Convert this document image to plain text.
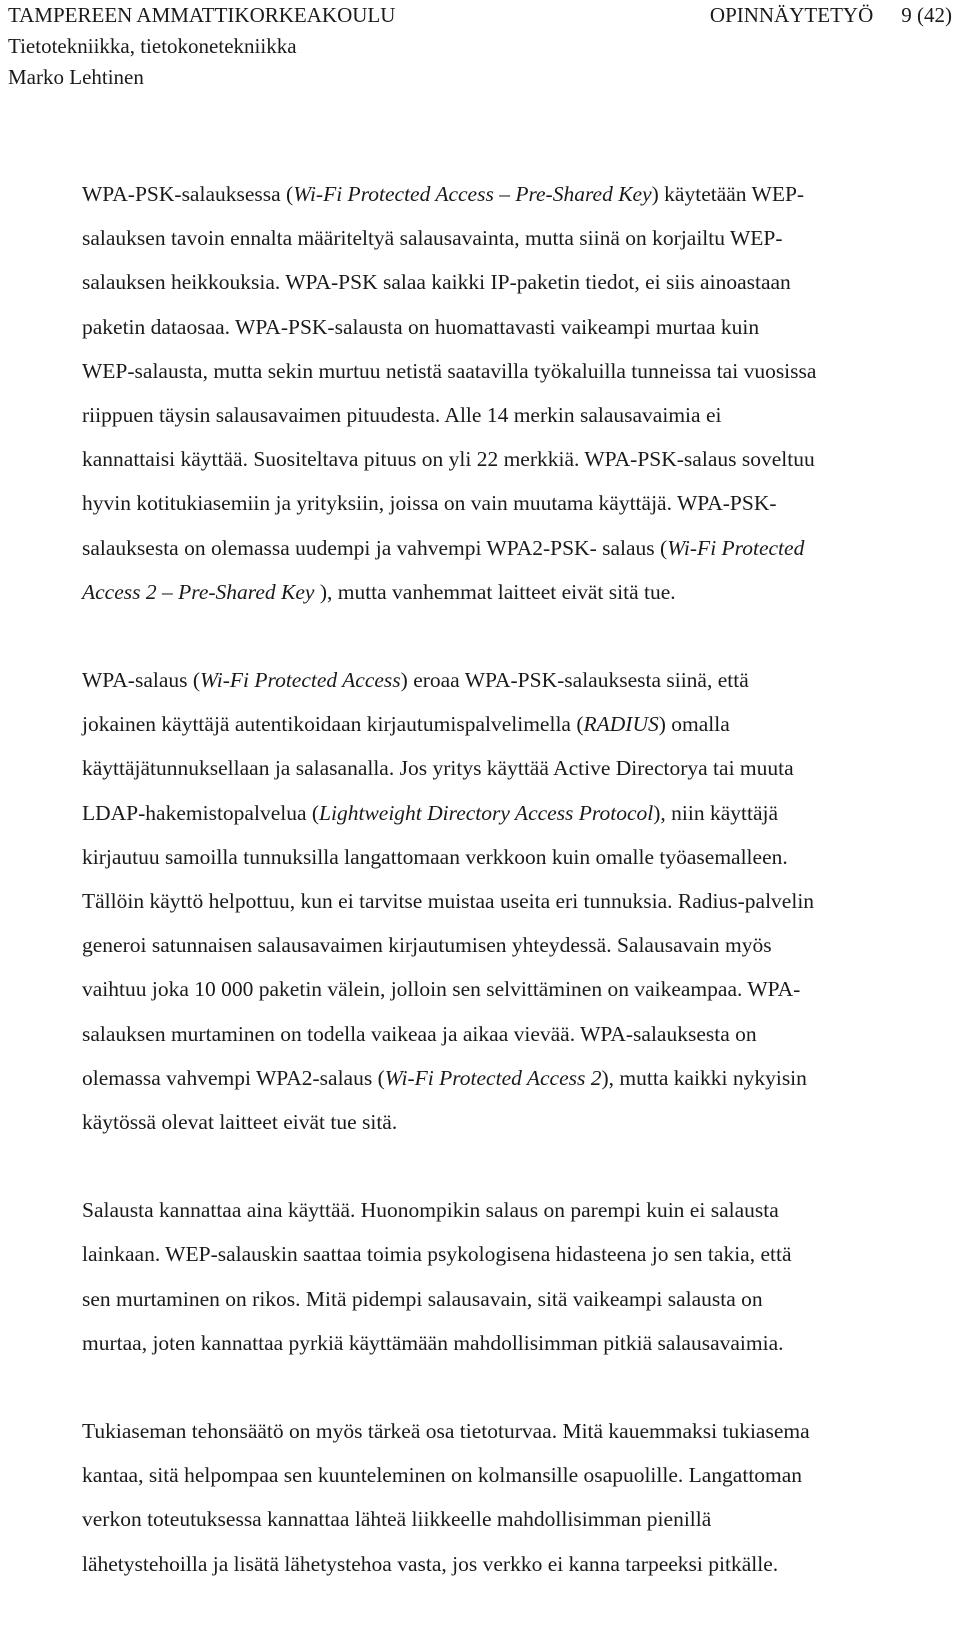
TAMPEREEN AMMATTIKORKEAKOULU	OPINNÄYTETYÖ 9 (42)
Tietotekniikka, tietokonetekniikka
Marko Lehtinen

WPA-PSK-salauksessa (Wi-Fi Protected Access – Pre-Shared Key) käytetään WEP-
salauksen tavoin ennalta määriteltyä salausavainta, mutta siinä on korjailtu WEP-
salauksen heikkouksia. WPA-PSK salaa kaikki IP-paketin tiedot, ei siis ainoastaan
paketin dataosaa. WPA-PSK-salausta on huomattavasti vaikeampi murtaa kuin
WEP-salausta, mutta sekin murtuu netistä saatavilla työkaluilla tunneissa tai vuosissa
riippuen täysin salausavaimen pituudesta. Alle 14 merkin salausavaimia ei
kannattaisi käyttää. Suositeltava pituus on yli 22 merkkiä. WPA-PSK-salaus soveltuu
hyvin kotitukiasemiin ja yrityksiin, joissa on vain muutama käyttäjä. WPA-PSK-
salauksesta on olemassa uudempi ja vahvempi WPA2-PSK- salaus (Wi-Fi Protected
Access 2 – Pre-Shared Key ), mutta vanhemmat laitteet eivät sitä tue.

WPA-salaus (Wi-Fi Protected Access) eroaa WPA-PSK-salauksesta siinä, että
jokainen käyttäjä autentikoidaan kirjautumispalvelimella (RADIUS) omalla
käyttäjätunnuksellaan ja salasanalla. Jos yritys käyttää Active Directorya tai muuta
LDAP-hakemistopalvelua (Lightweight Directory Access Protocol), niin käyttäjä
kirjautuu samoilla tunnuksilla langattomaan verkkoon kuin omalle työasemalleen.
Tällöin käyttö helpottuu, kun ei tarvitse muistaa useita eri tunnuksia. Radius-palvelin
generoi satunnaisen salausavaimen kirjautumisen yhteydessä. Salausavain myös
vaihtuu joka 10 000 paketin välein, jolloin sen selvittäminen on vaikeampaa. WPA-
salauksen murtaminen on todella vaikeaa ja aikaa vievää. WPA-salauksesta on
olemassa vahvempi WPA2-salaus (Wi-Fi Protected Access 2), mutta kaikki nykyisin
käytössä olevat laitteet eivät tue sitä.

Salausta kannattaa aina käyttää. Huonompikin salaus on parempi kuin ei salausta
lainkaan. WEP-salauskin saattaa toimia psykologisena hidasteena jo sen takia, että
sen murtaminen on rikos. Mitä pidempi salausavain, sitä vaikeampi salausta on
murtaa, joten kannattaa pyrkiä käyttämään mahdollisimman pitkiä salausavaimia.

Tukiaseman tehonsäätö on myös tärkeä osa tietoturvaa. Mitä kauemmaksi tukiasema
kantaa, sitä helpompaa sen kuunteleminen on kolmansille osapuolille. Langattoman
verkon toteutuksessa kannattaa lähteä liikkeelle mahdollisimman pienillä
lähetystehoilla ja lisätä lähetystehoa vasta, jos verkko ei kanna tarpeeksi pitkälle.
